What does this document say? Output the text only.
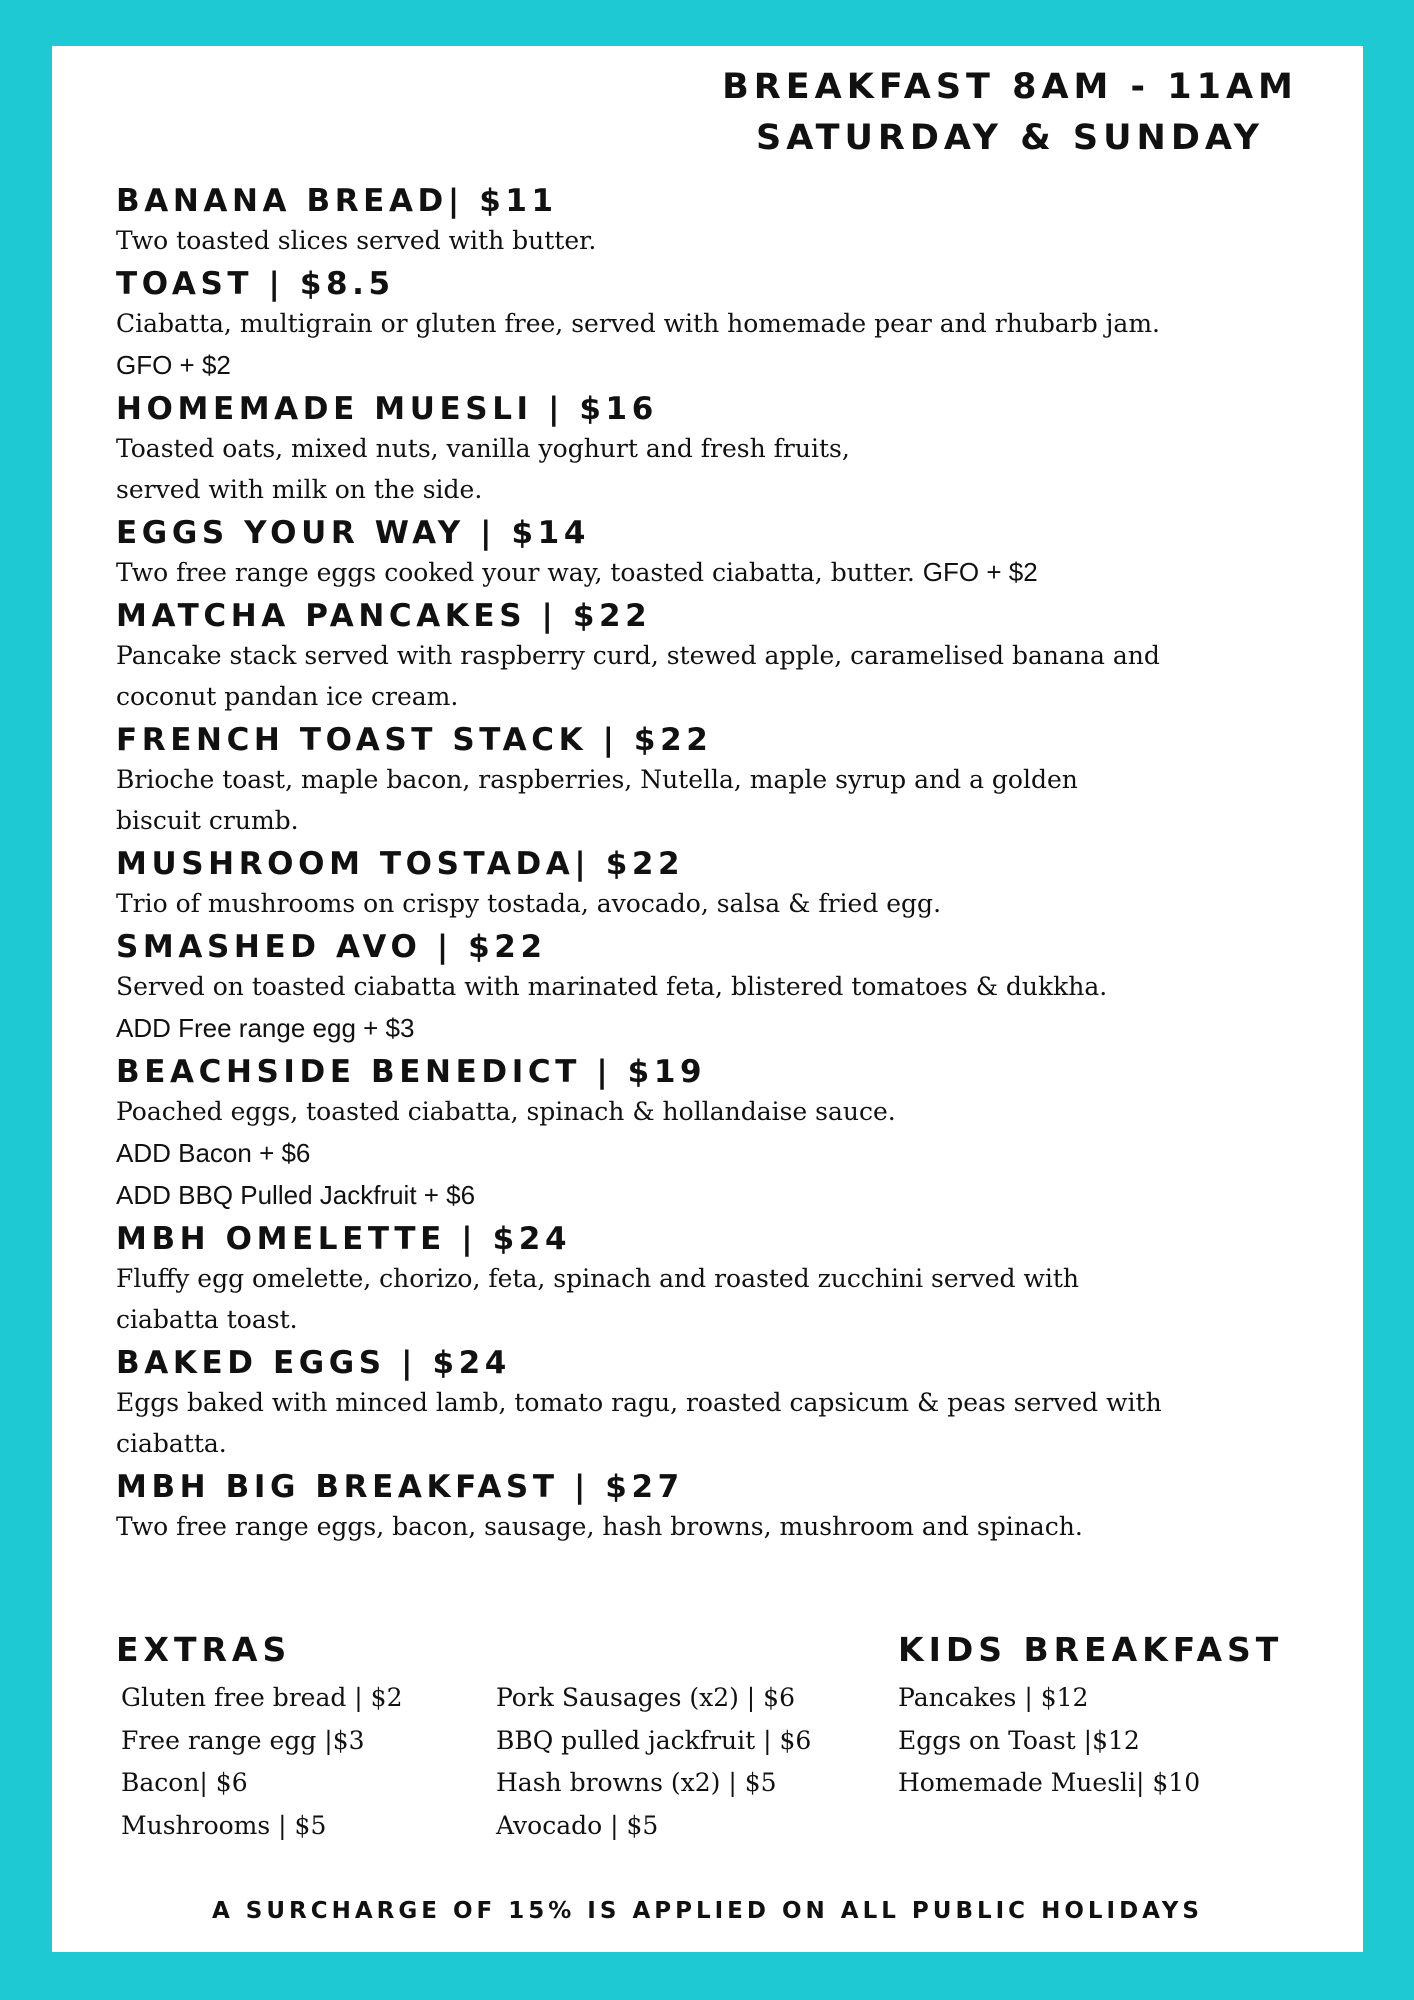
BREAKFAST 8AM - 11AM
SATURDAY & SUNDAY
BANANA BREAD| $11
Two toasted slices served with butter.
TOAST | $8.5
Ciabatta, multigrain or gluten free, served with homemade pear and rhubarb jam.
GFO + $2
HOMEMADE MUESLI | $16
Toasted oats, mixed nuts, vanilla yoghurt and fresh fruits,
served with milk on the side.
EGGS YOUR WAY | $14
Two free range eggs cooked your way, toasted ciabatta, butter. GFO + $2
MATCHA PANCAKES | $22
Pancake stack served with raspberry curd, stewed apple, caramelised banana and coconut pandan ice cream.
FRENCH TOAST STACK | $22
Brioche toast, maple bacon, raspberries, Nutella, maple syrup and a golden biscuit crumb.
MUSHROOM TOSTADA| $22
Trio of mushrooms on crispy tostada, avocado, salsa & fried egg.
SMASHED AVO | $22
Served on toasted ciabatta with marinated feta, blistered tomatoes & dukkha.
ADD Free range egg + $3
BEACHSIDE BENEDICT | $19
Poached eggs, toasted ciabatta, spinach & hollandaise sauce.
ADD Bacon + $6
ADD BBQ Pulled Jackfruit + $6
MBH OMELETTE | $24
Fluffy egg omelette, chorizo, feta, spinach and roasted zucchini served with ciabatta toast.
BAKED EGGS | $24
Eggs baked with minced lamb, tomato ragu, roasted capsicum & peas served with ciabatta.
MBH BIG BREAKFAST | $27
Two free range eggs, bacon, sausage, hash browns, mushroom and spinach.
EXTRAS	KIDS BREAKFAST
Gluten free bread | $2
Free range egg |$3
Bacon| $6
Mushrooms | $5
Pork Sausages (x2) | $6
BBQ pulled jackfruit | $6
Hash browns (x2) | $5
Avocado | $5
Pancakes | $12
Eggs on Toast |$12
Homemade Muesli| $10
A SURCHARGE OF 15% IS APPLIED ON ALL PUBLIC HOLIDAYS
